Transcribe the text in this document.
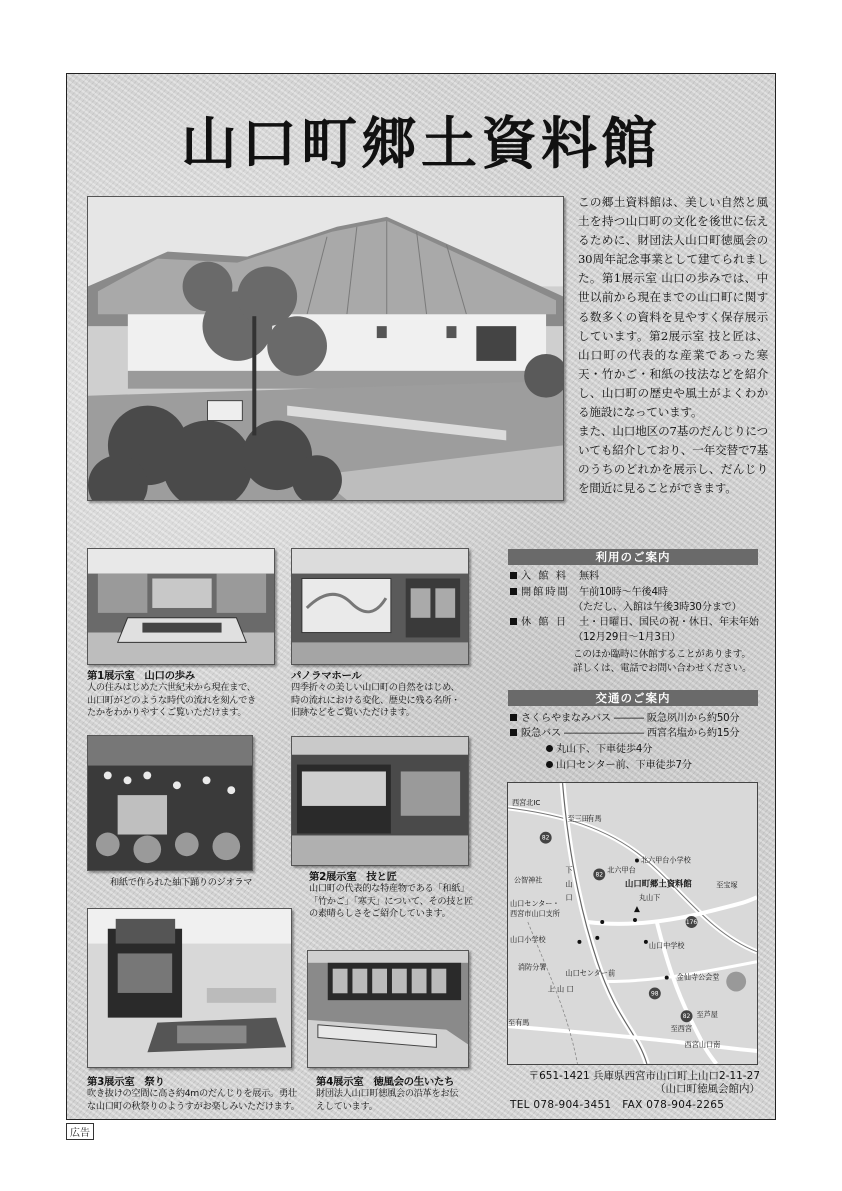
広告
山口町郷土資料館
この郷土資料館は、美しい自然と風土を持つ山口町の文化を後世に伝えるために、財団法人山口町徳風会の30周年記念事業として建てられました。第1展示室 山口の歩みでは、中世以前から現在までの山口町に関する数多くの資料を見やすく保存展示しています。第2展示室 技と匠は、山口町の代表的な産業であった寒天・竹かご・和紙の技法などを紹介し、山口町の歴史や風土がよくわかる施設になっています。
また、山口地区の7基のだんじりについても紹介しており、一年交替で7基のうちのどれかを展示し、だんじりを間近に見ることができます。
第1展示室　山口の歩み
人の住みはじめた六世紀末から現在まで、
山口町がどのような時代の流れを刻んでき
たかをわかりやすくご覧いただけます。
パノラマホール
四季折々の美しい山口町の自然をはじめ、
時の流れにおける変化、歴史に残る名所・
旧跡などをご覧いただけます。
和紙で作られた紬下踊りのジオラマ	第2展示室　技と匠
山口町の代表的な特産物である「和紙」
「竹かご」「寒天」について、その技と匠
の素晴らしさをご紹介しています。
第3展示室　祭り
吹き抜けの空間に高さ約4mのだんじりを展示。勇壮
な山口町の秋祭りのようすがお楽しみいただけます。
第4展示室　徳風会の生いたち
財団法人山口町徳風会の沿革をお伝
えしています。
利用のご案内
入 館 料 無料
開館時間 午前10時～午後4時
（ただし、入館は午後3時30分まで）
休 館 日 土・日曜日、国民の祝・休日、年末年始
（12月29日～1月3日）
このほか臨時に休館することがあります。
詳しくは、電話でお問い合わせください。
交通のご案内
さくらやまなみバス ――― 阪急夙川から約50分
阪急バス ―――――――― 西宮名塩から約15分
丸山下、下車徒歩4分
山口センター前、下車徒歩7分
西宮北IC
至三田
有馬
北六甲台小学校
北六甲台
山口町郷土資料館
公智神社
下
山
口	丸山下
山口センター・
西宮市山口支所
至宝塚
山口小学校
山口中学校
消防分署
山口センター前
上 山 口
金仙寺公会堂
至芦屋
至有馬
至西宮
西宮山口南
82
82
176
98
82
〒651-1421 兵庫県西宮市山口町上山口2-11-27
（山口町徳風会館内）
TEL 078-904-3451　FAX 078-904-2265
